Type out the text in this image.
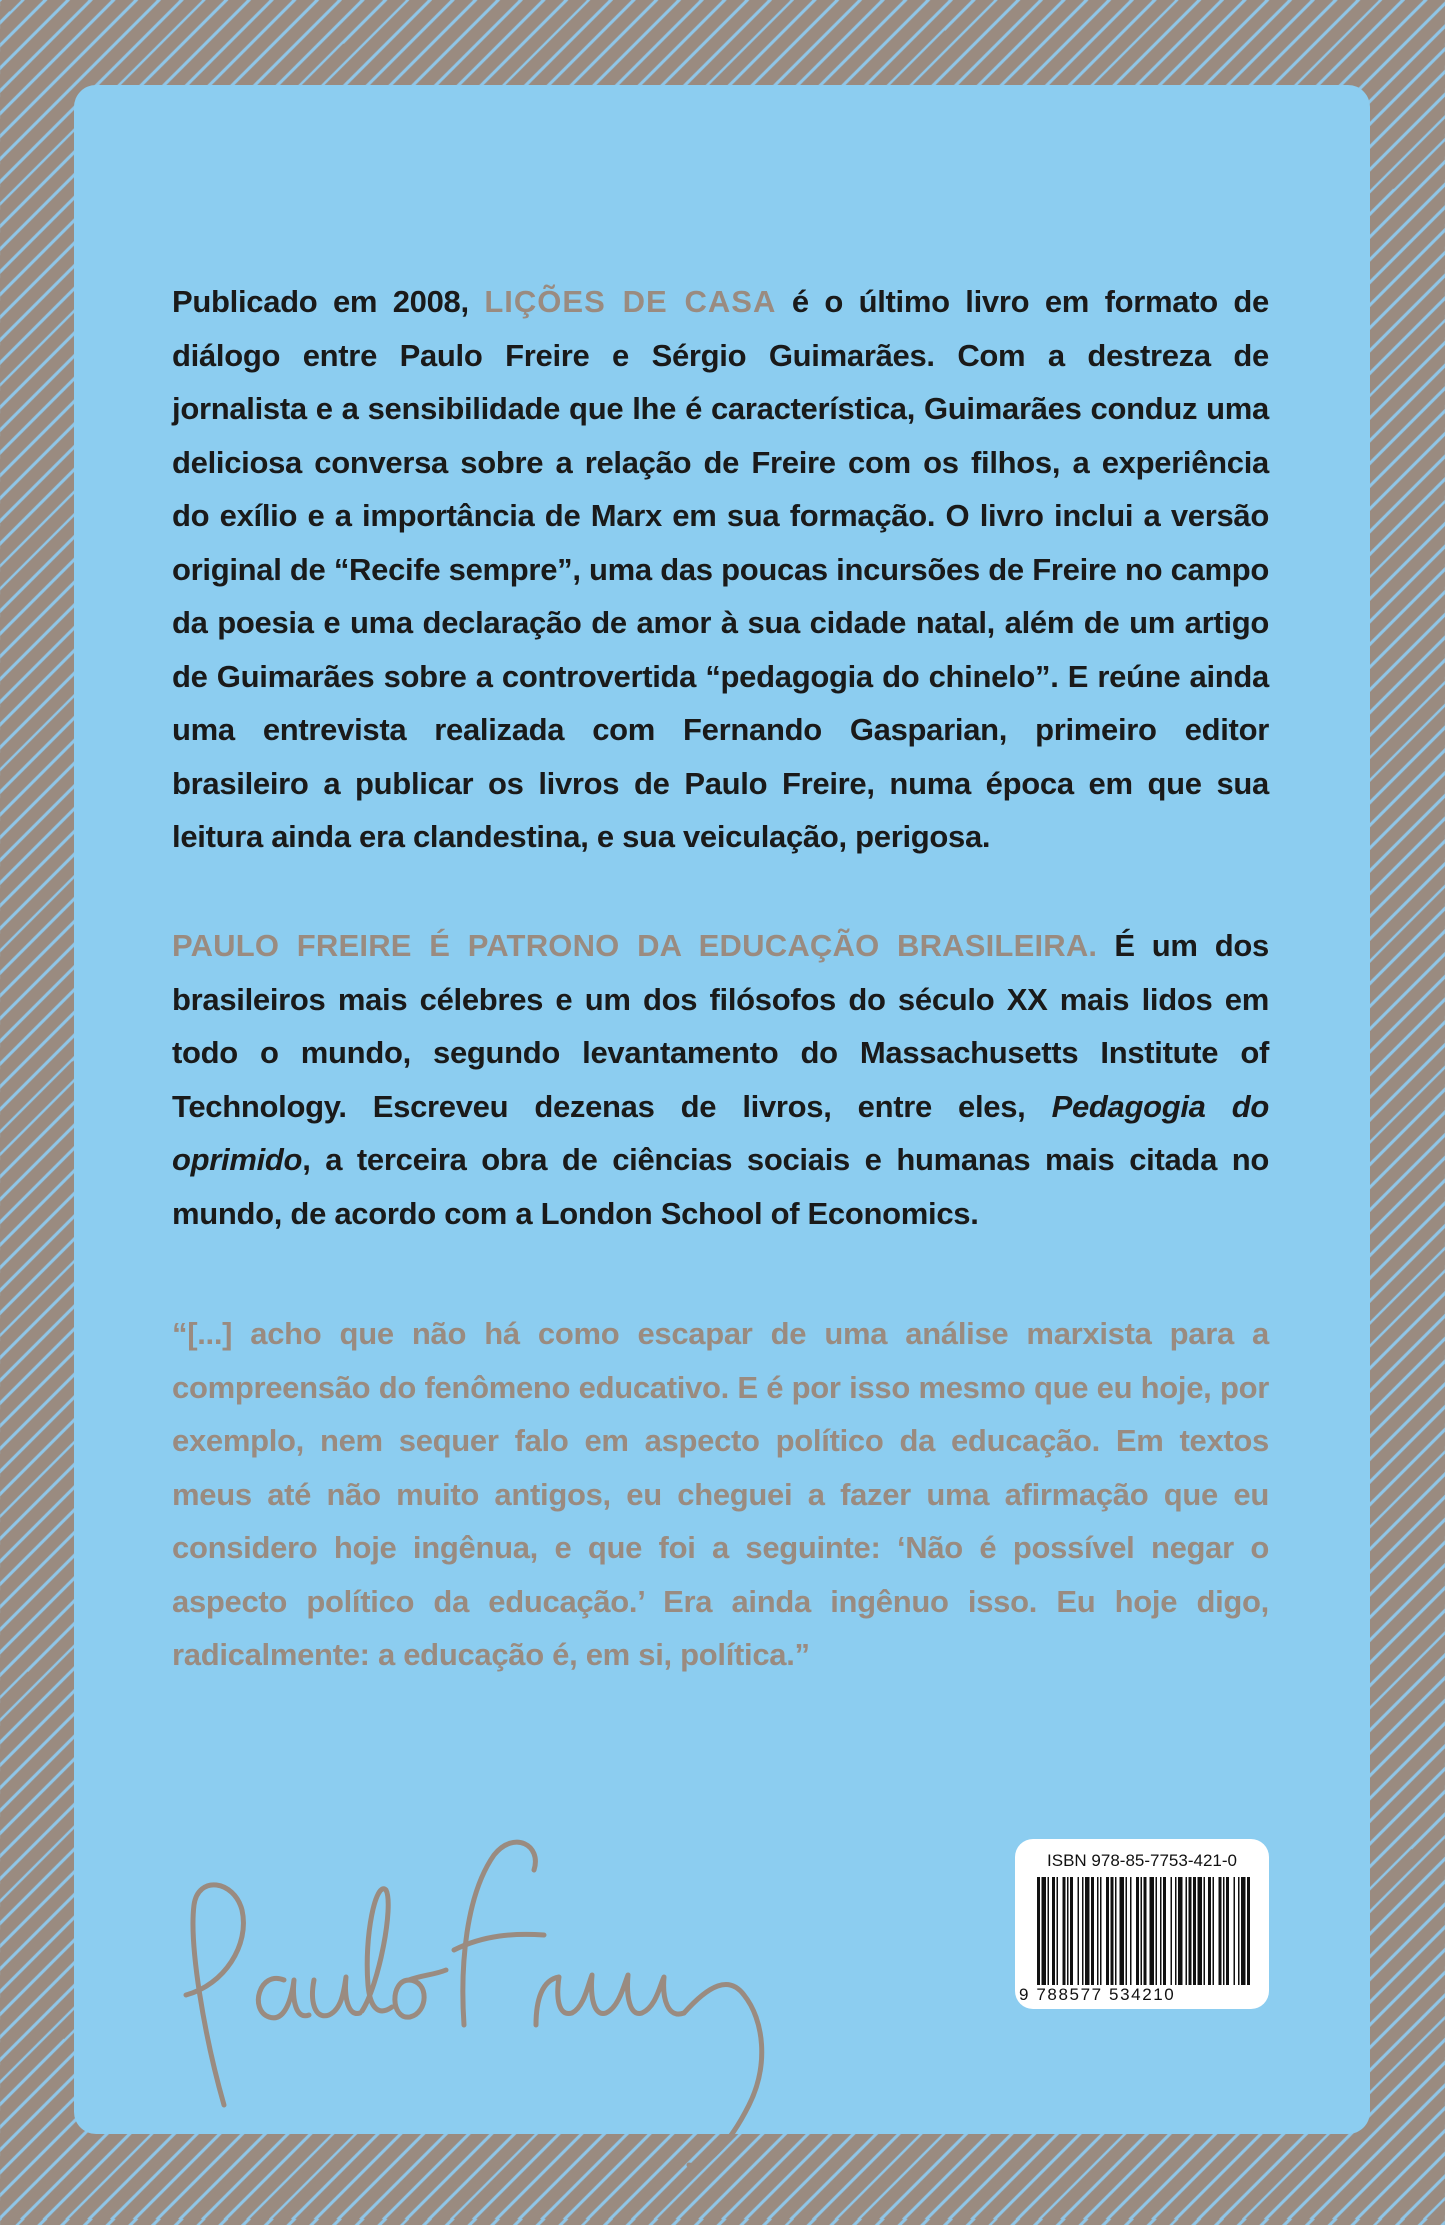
Publicado em 2008, LIÇÕES DE CASA é o último livro em formato de diálogo entre Paulo Freire e Sérgio Guimarães. Com a destreza de jornalista e a sensibilidade que lhe é característica, Guimarães conduz uma deliciosa conversa sobre a relação de Freire com os filhos, a experiência do exílio e a importância de Marx em sua formação. O livro inclui a versão original de “Recife sempre”, uma das poucas incursões de Freire no campo da poesia e uma declaração de amor à sua cidade natal, além de um artigo de Guimarães sobre a controvertida “pedagogia do chinelo”. E reúne ainda uma entrevista realizada com Fernando Gasparian, primeiro editor brasileiro a publicar os livros de Paulo Freire, numa época em que sua leitura ainda era clandestina, e sua veiculação, perigosa.

PAULO FREIRE É PATRONO DA EDUCAÇÃO BRASILEIRA. É um dos brasileiros mais célebres e um dos filósofos do século XX mais lidos em todo o mundo, segundo levantamento do Massachusetts Institute of Technology. Escreveu dezenas de livros, entre eles, Pedagogia do oprimido, a terceira obra de ciências sociais e humanas mais citada no mundo, de acordo com a London School of Economics.

“[...] acho que não há como escapar de uma análise marxista para a compreensão do fenômeno educativo. E é por isso mesmo que eu hoje, por exemplo, nem sequer falo em aspecto político da educação. Em textos meus até não muito antigos, eu cheguei a fazer uma afirmação que eu considero hoje ingênua, e que foi a seguinte: ‘Não é possível negar o aspecto político da educação.’ Era ainda ingênuo isso. Eu hoje digo, radicalmente: a educação é, em si, política.”

ISBN 978-85-7753-421-0
9 788577 534210
